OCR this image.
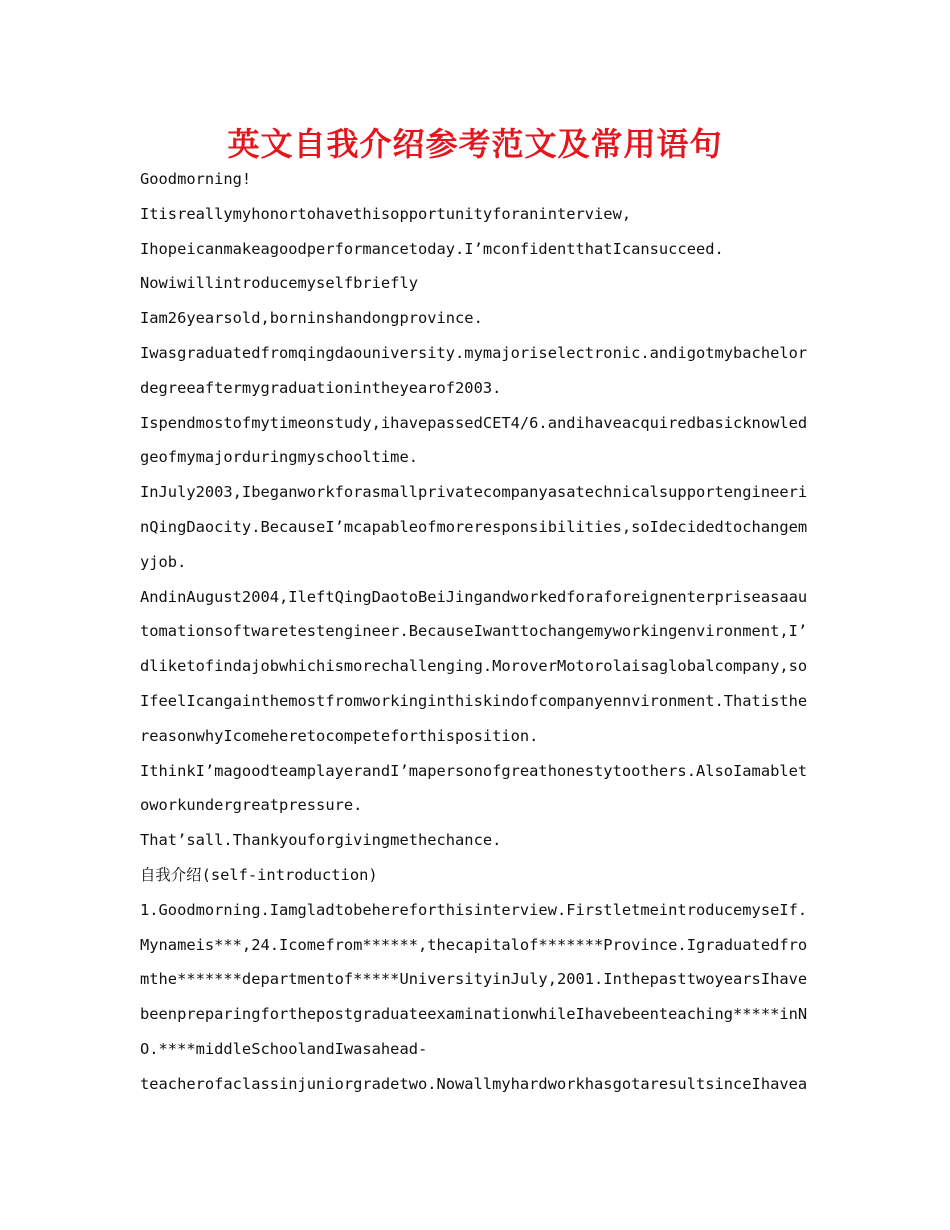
英文自我介绍参考范文及常用语句
Goodmorning!
Itisreallymyhonortohavethisopportunityforaninterview,
Ihopeicanmakeagoodperformancetoday.I’mconfidentthatIcansucceed.
Nowiwillintroducemyselfbriefly
Iam26yearsold,borninshandongprovince.
Iwasgraduatedfromqingdaouniversity.mymajoriselectronic.andigotmybachelor
degreeaftermygraduationintheyearof2003.
Ispendmostofmytimeonstudy,ihavepassedCET4/6.andihaveacquiredbasicknowled
geofmymajorduringmyschooltime.
InJuly2003,Ibeganworkforasmallprivatecompanyasatechnicalsupportengineeri
nQingDaocity.BecauseI’mcapableofmoreresponsibilities,soIdecidedtochangem
yjob.
AndinAugust2004,IleftQingDaotoBeiJingandworkedforaforeignenterpriseasaau
tomationsoftwaretestengineer.BecauseIwanttochangemyworkingenvironment,I’
dliketofindajobwhichismorechallenging.MoroverMotorolaisaglobalcompany,so
IfeelIcangainthemostfromworkinginthiskindofcompanyennvironment.Thatisthe
reasonwhyIcomeheretocompeteforthisposition.
IthinkI’magoodteamplayerandI’mapersonofgreathonestytoothers.AlsoIamablet
oworkundergreatpressure.
That’sall.Thankyouforgivingmethechance.
自我介绍(self-introduction)
1.Goodmorning.Iamgladtobehereforthisinterview.FirstletmeintroducemyseIf.
Mynameis***,24.Icomefrom******,thecapitalof*******Province.Igraduatedfro
mthe*******departmentof*****UniversityinJuly,2001.InthepasttwoyearsIhave
beenpreparingforthepostgraduateexaminationwhileIhavebeenteaching*****inN
O.****middleSchoolandIwasahead-
teacherofaclassinjuniorgradetwo.NowallmyhardworkhasgotaresultsinceIhavea
